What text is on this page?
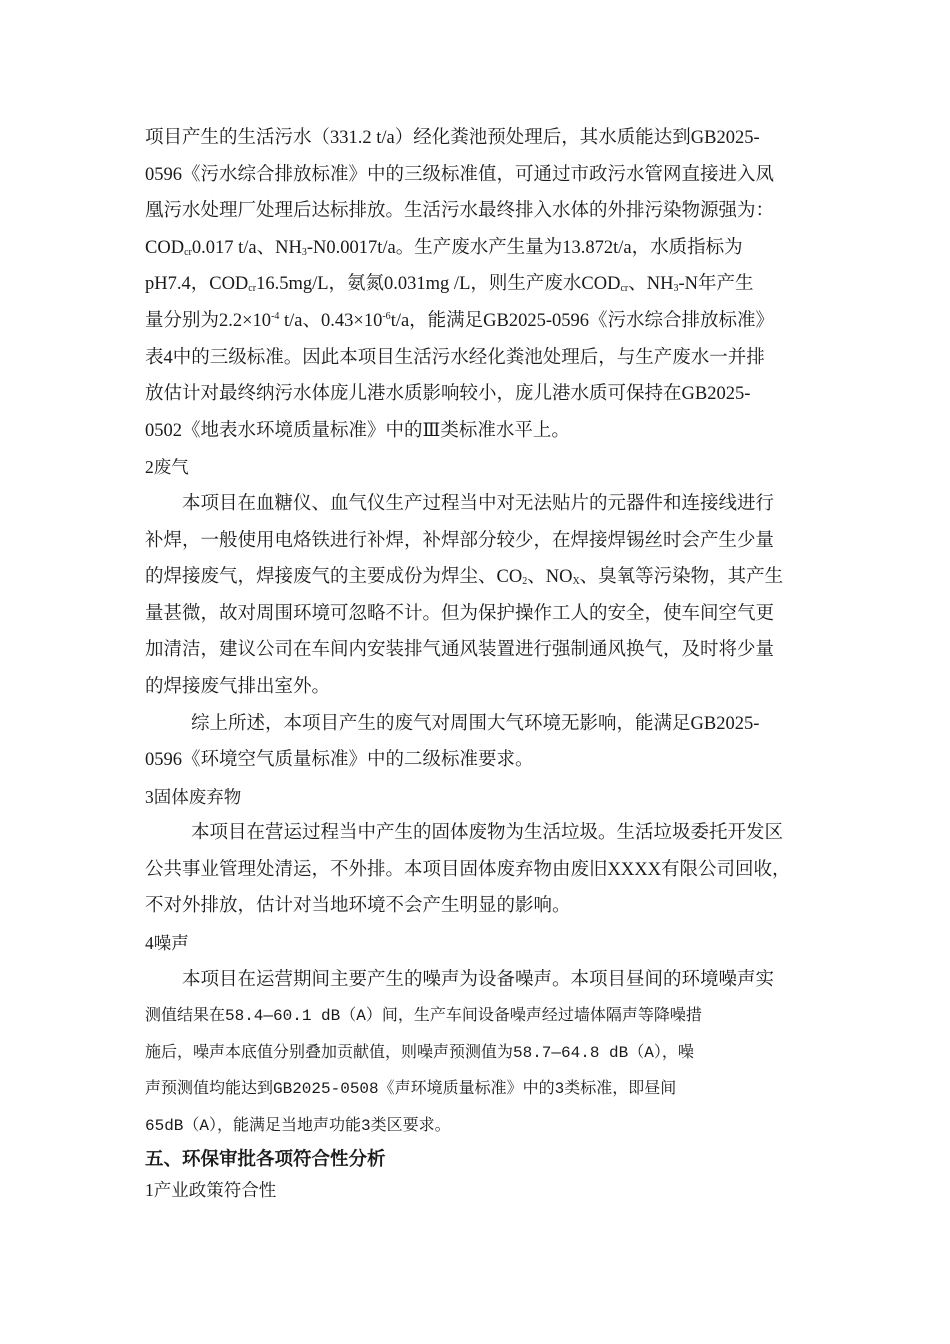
项目产生的生活污水（331.2 t/a）经化粪池预处理后，其水质能达到GB2025-
0596《污水综合排放标准》中的三级标准值，可通过市政污水管网直接进入凤
凰污水处理厂处理后达标排放。生活污水最终排入水体的外排污染物源强为：
$COD_{cr}0.017$ t/a、$NH_3-N0.0017t/a$。生产废水产生量为13.872t/a，水质指标为
pH7.4，$COD_{cr}16.5mg/L$，氨氮0.031mg /L，则生产废水$COD_{cr}$、$NH_3-N$年产生
量分别为$2.2\times 10^{-4}$ t/a、$0.43\times 10^{-6}t/a$，能满足GB2025-0596《污水综合排放标准》
表4中的三级标准。因此本项目生活污水经化粪池处理后，与生产废水一并排
放估计对最终纳污水体庞儿港水质影响较小，庞儿港水质可保持在GB2025-
0502《地表水环境质量标准》中的Ⅲ类标准水平上。
2废气
本项目在血糖仪、血气仪生产过程当中对无法贴片的元器件和连接线进行
补焊，一般使用电烙铁进行补焊，补焊部分较少，在焊接焊锡丝时会产生少量
的焊接废气，焊接废气的主要成份为焊尘、$CO_2$、$NO_X$、臭氧等污染物，其产生
量甚微，故对周围环境可忽略不计。但为保护操作工人的安全，使车间空气更
加清洁，建议公司在车间内安装排气通风装置进行强制通风换气，及时将少量
的焊接废气排出室外。
综上所述，本项目产生的废气对周围大气环境无影响，能满足GB2025-
0596《环境空气质量标准》中的二级标准要求。
3固体废弃物
本项目在营运过程当中产生的固体废物为生活垃圾。生活垃圾委托开发区
公共事业管理处清运，不外排。本项目固体废弃物由废旧XXXX有限公司回收，
不对外排放，估计对当地环境不会产生明显的影响。
4噪声
本项目在运营期间主要产生的噪声为设备噪声。本项目昼间的环境噪声实
测值结果在58.4—60.1 dB（A）间，生产车间设备噪声经过墙体隔声等降噪措
施后，噪声本底值分别叠加贡献值，则噪声预测值为58.7—64.8 dB（A），噪
声预测值均能达到GB2025-0508《声环境质量标准》中的3类标准，即昼间
65dB（A），能满足当地声功能3类区要求。
五、环保审批各项符合性分析
1产业政策符合性
